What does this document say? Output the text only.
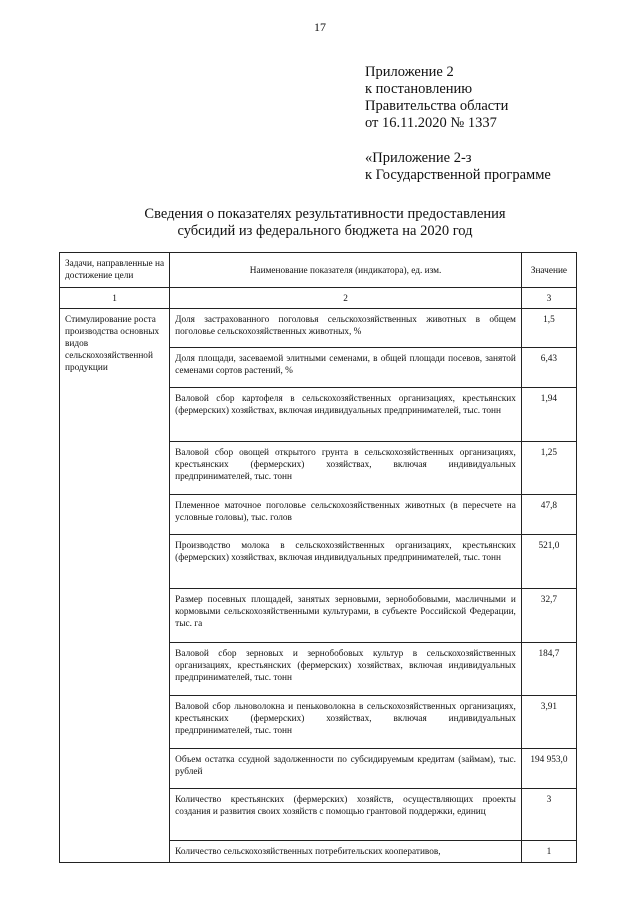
17
Приложение 2
к постановлению
Правительства области
от 16.11.2020 № 1337
«Приложение 2-з
к Государственной программе
Сведения о показателях результативности предоставления
субсидий из федерального бюджета на 2020 год
Задачи, направленные на достижение цели	Наименование показателя (индикатора), ед. изм.	Значение
1	2	3
Стимулирование роста производства основных видов сельскохозяйственной продукции	Доля застрахованного поголовья сельскохозяйственных животных в общем поголовье сельскохозяйственных животных, %	1,5
	Доля площади, засеваемой элитными семенами, в общей площади посевов, занятой семенами сортов растений, %	6,43
	Валовой сбор картофеля в сельскохозяйственных организациях, крестьянских (фермерских) хозяйствах, включая индивидуальных предпринимателей, тыс. тонн	1,94
	Валовой сбор овощей открытого грунта в сельскохозяйственных организациях, крестьянских (фермерских) хозяйствах, включая индивидуальных предпринимателей, тыс. тонн	1,25
	Племенное маточное поголовье сельскохозяйственных животных (в пересчете на условные головы), тыс. голов	47,8
	Производство молока в сельскохозяйственных организациях, крестьянских (фермерских) хозяйствах, включая индивидуальных предпринимателей, тыс. тонн	521,0
	Размер посевных площадей, занятых зерновыми, зернобобовыми, масличными и кормовыми сельскохозяйственными культурами, в субъекте Российской Федерации, тыс. га	32,7
	Валовой сбор зерновых и зернобобовых культур в сельскохозяйственных организациях, крестьянских (фермерских) хозяйствах, включая индивидуальных предпринимателей, тыс. тонн	184,7
	Валовой сбор льноволокна и пеньковолокна в сельскохозяйственных организациях, крестьянских (фермерских) хозяйствах, включая индивидуальных предпринимателей, тыс. тонн	3,91
	Объем остатка ссудной задолженности по субсидируемым кредитам (займам), тыс. рублей	194 953,0
	Количество крестьянских (фермерских) хозяйств, осуществляющих проекты создания и развития своих хозяйств с помощью грантовой поддержки, единиц	3
	Количество сельскохозяйственных потребительских кооперативов,	1
